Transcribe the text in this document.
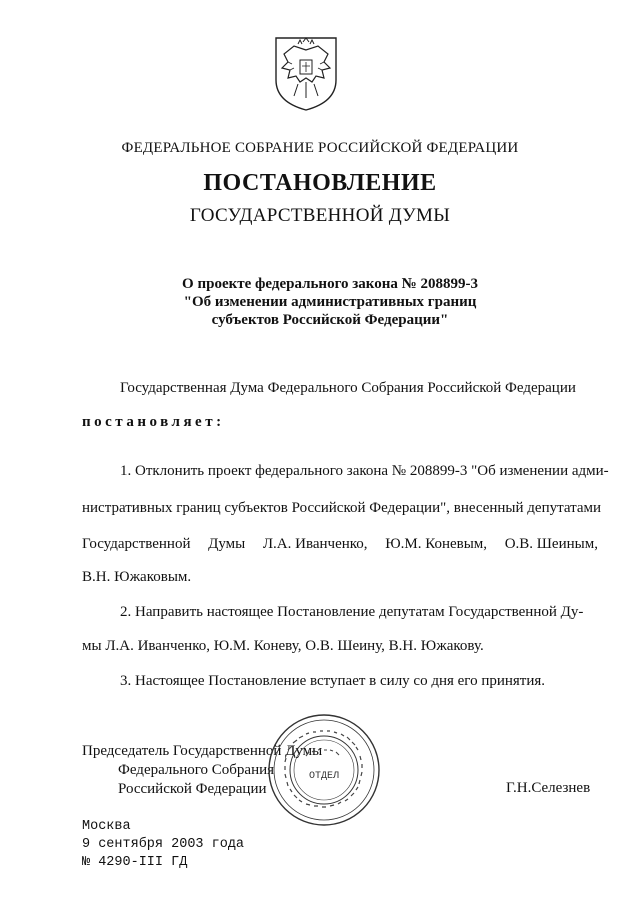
ФЕДЕРАЛЬНОЕ СОБРАНИЕ РОССИЙСКОЙ ФЕДЕРАЦИИ
ПОСТАНОВЛЕНИЕ
ГОСУДАРСТВЕННОЙ ДУМЫ
О проекте федерального закона № 208899-3
"Об изменении административных границ
субъектов Российской Федерации"
Государственная Дума Федерального Собрания Российской Федерации
постановляет:
1. Отклонить проект федерального закона № 208899-3 "Об изменении адми-
нистративных границ субъектов Российской Федерации", внесенный депутатами
Государственной Думы Л.А. Иванченко, Ю.М. Коневым, О.В. Шеиным,
В.Н. Южаковым.
2. Направить настоящее Постановление депутатам Государственной Ду-
мы Л.А. Иванченко, Ю.М. Коневу, О.В. Шеину, В.Н. Южакову.
3. Настоящее Постановление вступает в силу со дня его принятия.
Председатель Государственной Думы
Федерального Собрания
Российской Федерации	Г.Н.Селезнев
ОТДЕЛ
Москва
9 сентября 2003 года
№ 4290-III ГД
